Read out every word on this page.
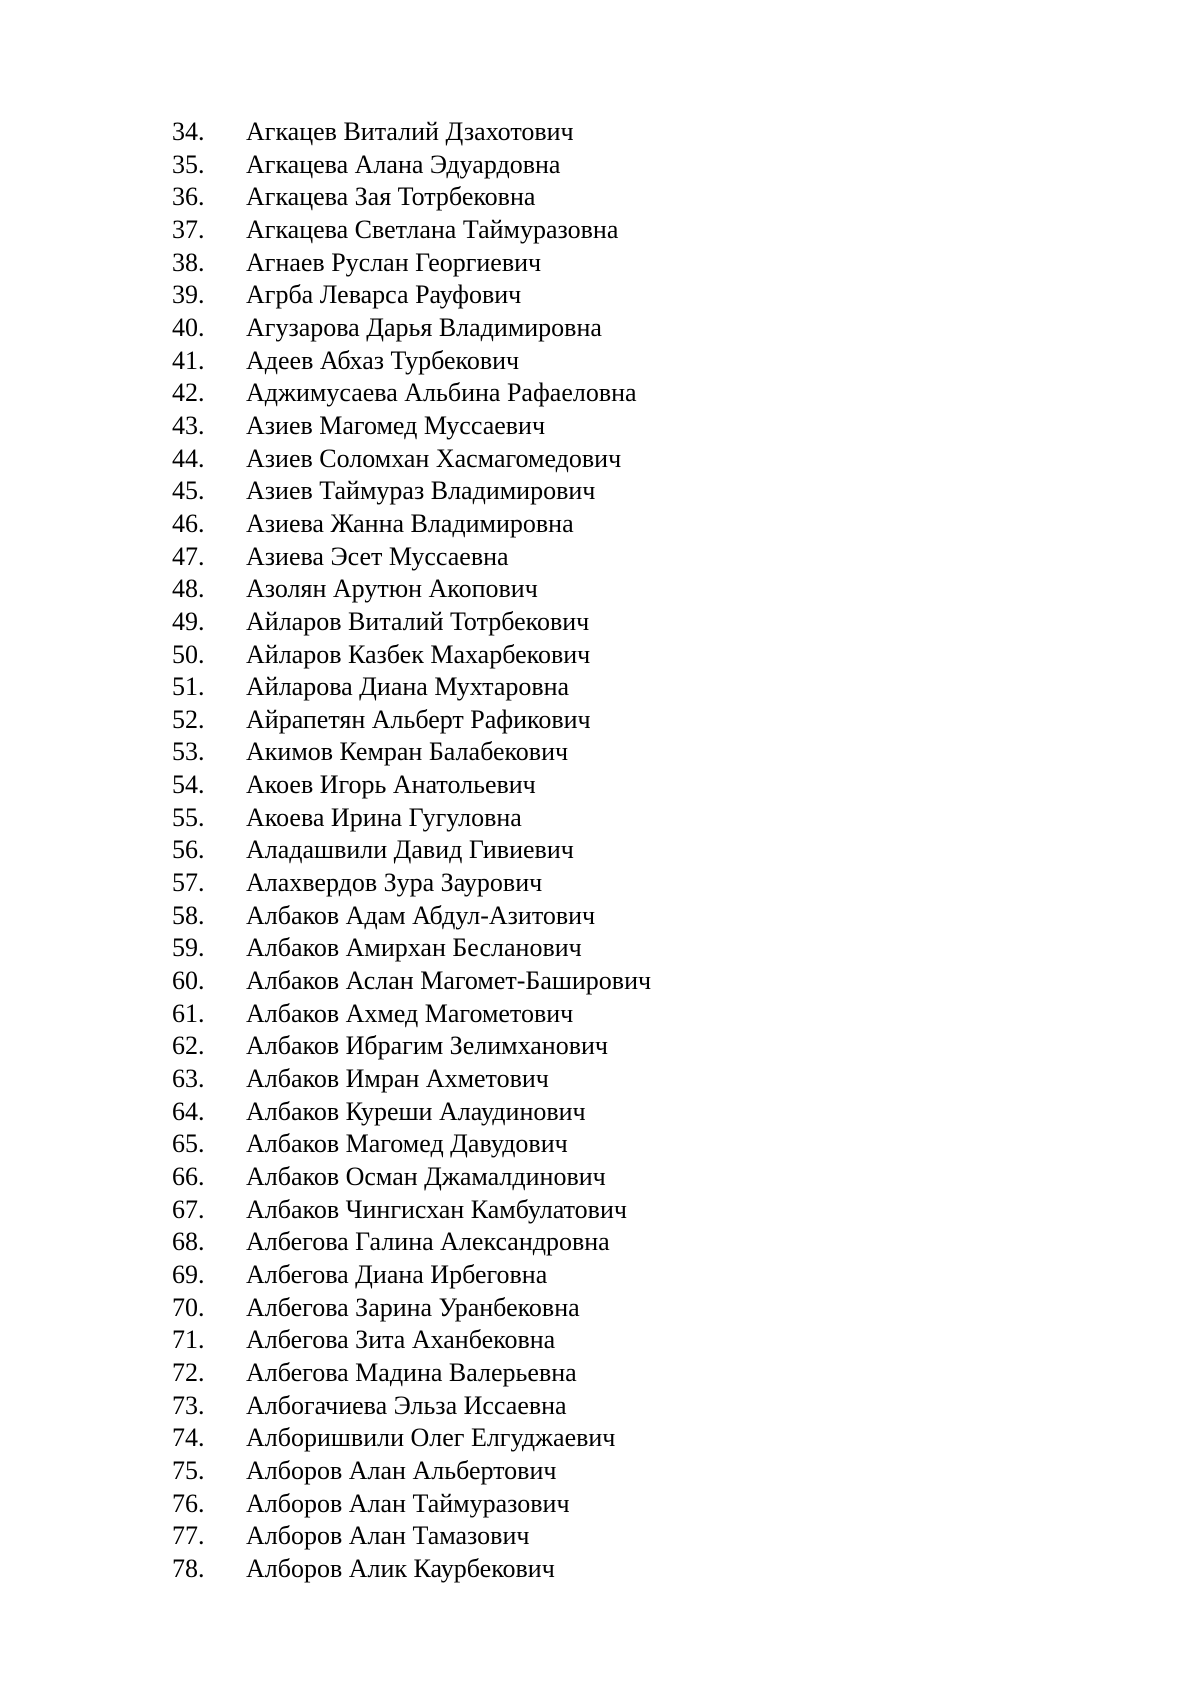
34.	Агкацев Виталий Дзахотович
35.	Агкацева Алана Эдуардовна
36.	Агкацева Зая Тотрбековна
37.	Агкацева Светлана Таймуразовна
38.	Агнаев Руслан Георгиевич
39.	Агрба Леварса Рауфович
40.	Агузарова Дарья Владимировна
41.	Адеев Абхаз Турбекович
42.	Аджимусаева Альбина Рафаеловна
43.	Азиев Магомед Муссаевич
44.	Азиев Соломхан Хасмагомедович
45.	Азиев Таймураз Владимирович
46.	Азиева Жанна Владимировна
47.	Азиева Эсет Муссаевна
48.	Азолян Арутюн Акопович
49.	Айларов Виталий Тотрбекович
50.	Айларов Казбек Махарбекович
51.	Айларова Диана Мухтаровна
52.	Айрапетян Альберт Рафикович
53.	Акимов Кемран Балабекович
54.	Акоев Игорь Анатольевич
55.	Акоева Ирина Гугуловна
56.	Аладашвили Давид Гивиевич
57.	Алахвердов Зура Заурович
58.	Албаков Адам Абдул-Азитович
59.	Албаков Амирхан Бесланович
60.	Албаков Аслан Магомет-Баширович
61.	Албаков Ахмед Магометович
62.	Албаков Ибрагим Зелимханович
63.	Албаков Имран Ахметович
64.	Албаков Куреши Алаудинович
65.	Албаков Магомед Давудович
66.	Албаков Осман Джамалдинович
67.	Албаков Чингисхан Камбулатович
68.	Албегова Галина Александровна
69.	Албегова Диана Ирбеговна
70.	Албегова Зарина Уранбековна
71.	Албегова Зита Аханбековна
72.	Албегова Мадина Валерьевна
73.	Албогачиева Эльза Иссаевна
74.	Алборишвили Олег Елгуджаевич
75.	Алборов Алан Альбертович
76.	Алборов Алан Таймуразович
77.	Алборов Алан Тамазович
78.	Алборов Алик Каурбекович
